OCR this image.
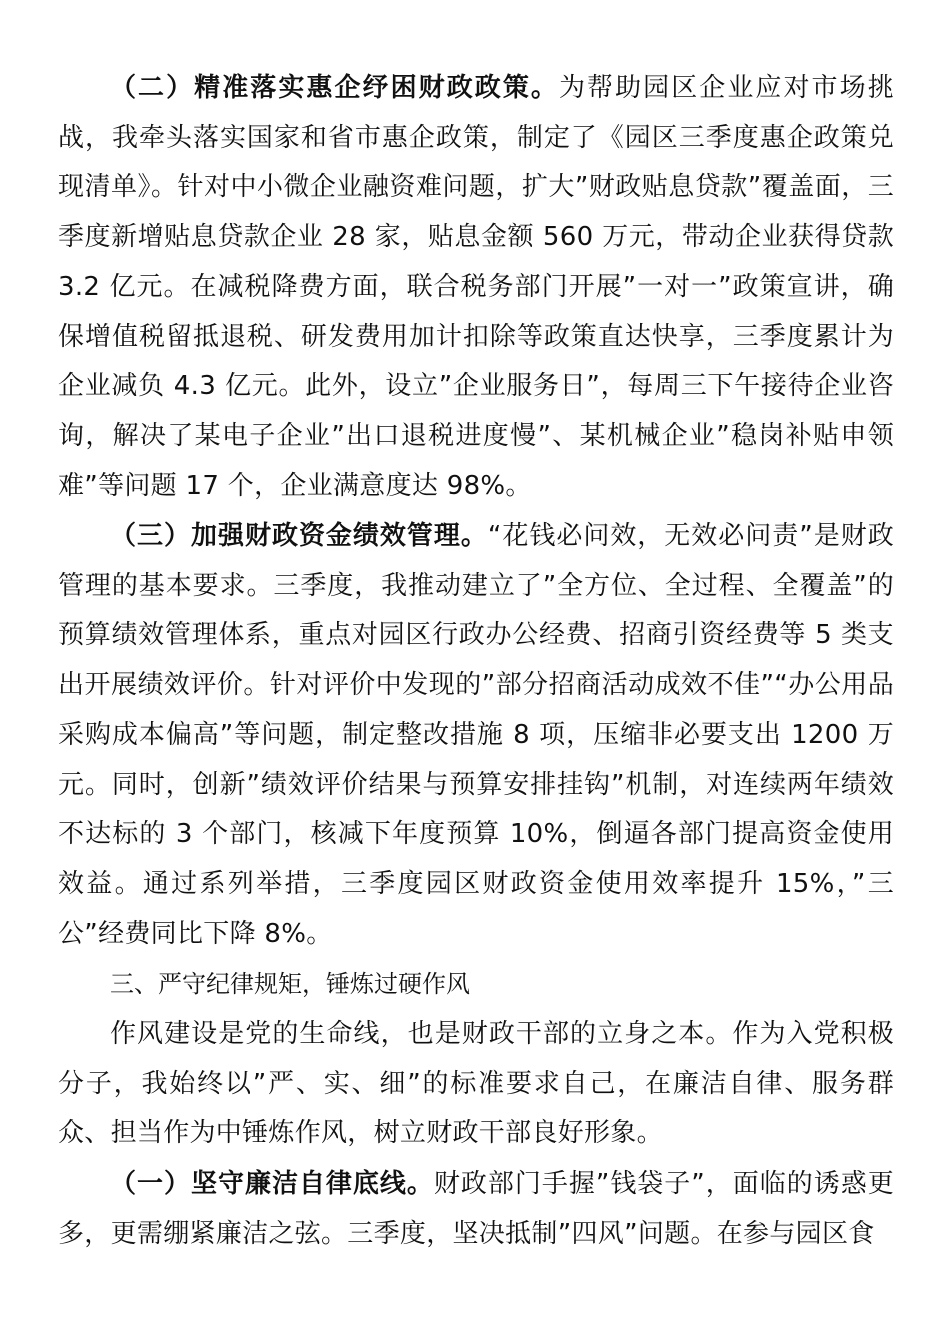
（二）精准落实惠企纾困财政政策。为帮助园区企业应对市场挑战，我牵头落实国家和省市惠企政策，制定了《园区三季度惠企政策兑现清单》。针对中小微企业融资难问题，扩大”财政贴息贷款”覆盖面，三季度新增贴息贷款企业 28 家，贴息金额 560 万元，带动企业获得贷款 3.2 亿元。在减税降费方面，联合税务部门开展”一对一”政策宣讲，确保增值税留抵退税、研发费用加计扣除等政策直达快享，三季度累计为企业减负 4.3 亿元。此外，设立”企业服务日”，每周三下午接待企业咨询，解决了某电子企业”出口退税进度慢”、某机械企业”稳岗补贴申领难”等问题 17 个，企业满意度达 98%。

（三）加强财政资金绩效管理。“花钱必问效，无效必问责”是财政管理的基本要求。三季度，我推动建立了”全方位、全过程、全覆盖”的预算绩效管理体系，重点对园区行政办公经费、招商引资经费等 5 类支出开展绩效评价。针对评价中发现的”部分招商活动成效不佳”“办公用品采购成本偏高”等问题，制定整改措施 8 项，压缩非必要支出 1200 万元。同时，创新”绩效评价结果与预算安排挂钩”机制，对连续两年绩效不达标的 3 个部门，核减下年度预算 10%，倒逼各部门提高资金使用效益。通过系列举措，三季度园区财政资金使用效率提升 15%，”三公”经费同比下降 8%。

三、严守纪律规矩，锤炼过硬作风

作风建设是党的生命线，也是财政干部的立身之本。作为入党积极分子，我始终以”严、实、细”的标准要求自己，在廉洁自律、服务群众、担当作为中锤炼作风，树立财政干部良好形象。

（一）坚守廉洁自律底线。财政部门手握”钱袋子”，面临的诱惑更多，更需绷紧廉洁之弦。三季度，坚决抵制”四风”问题。在参与园区食
